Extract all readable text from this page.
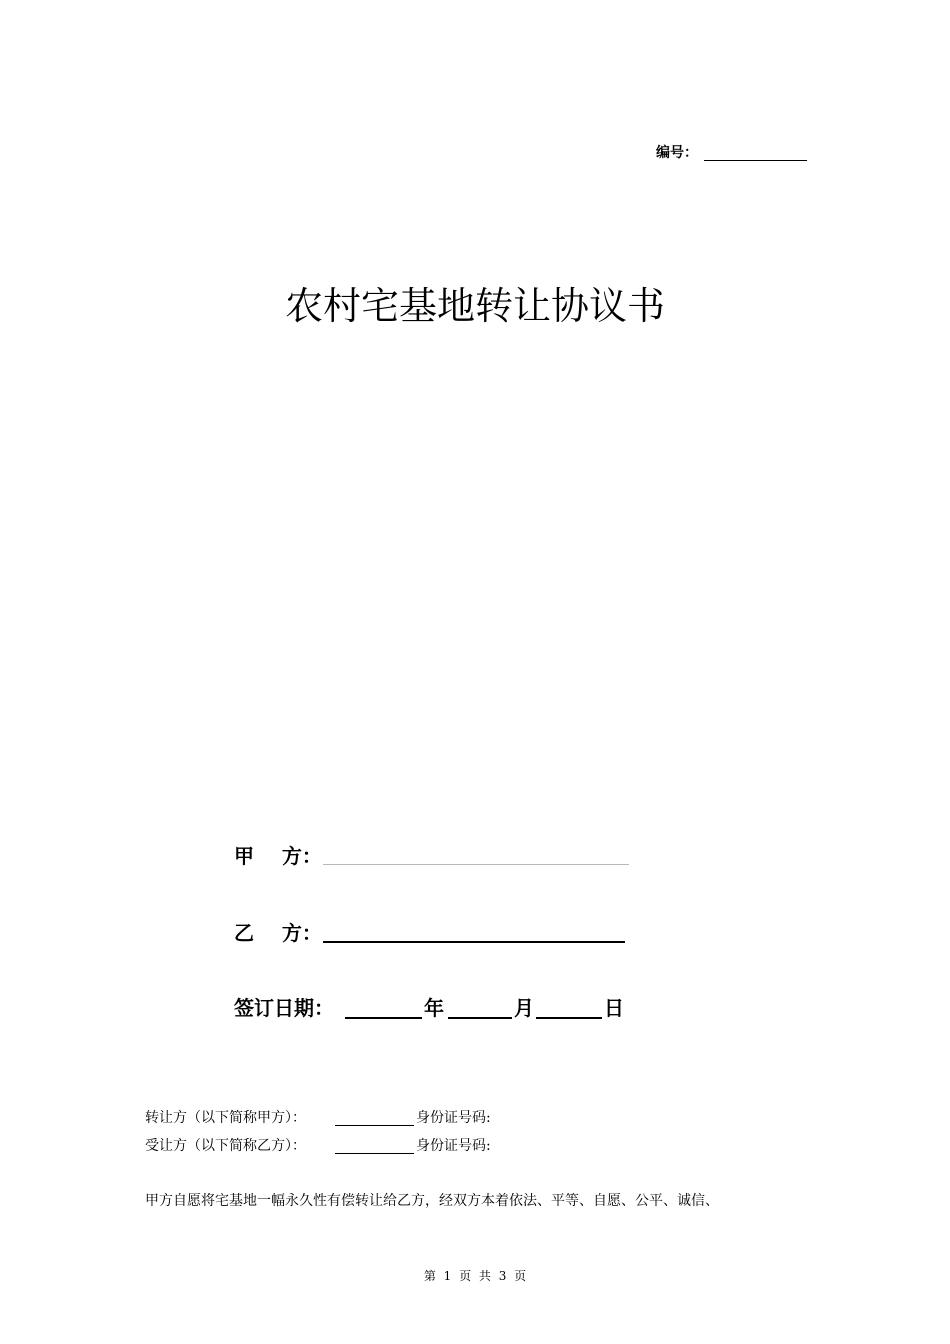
编号：
农村宅基地转让协议书
甲    方：
乙    方：
签订日期：	年	月	日
转让方（以下简称甲方）：	身份证号码:
受让方（以下简称乙方）：	身份证号码:
甲方自愿将宅基地一幅永久性有偿转让给乙方，经双方本着依法、平等、自愿、公平、诚信、
第 1 页 共 3 页
